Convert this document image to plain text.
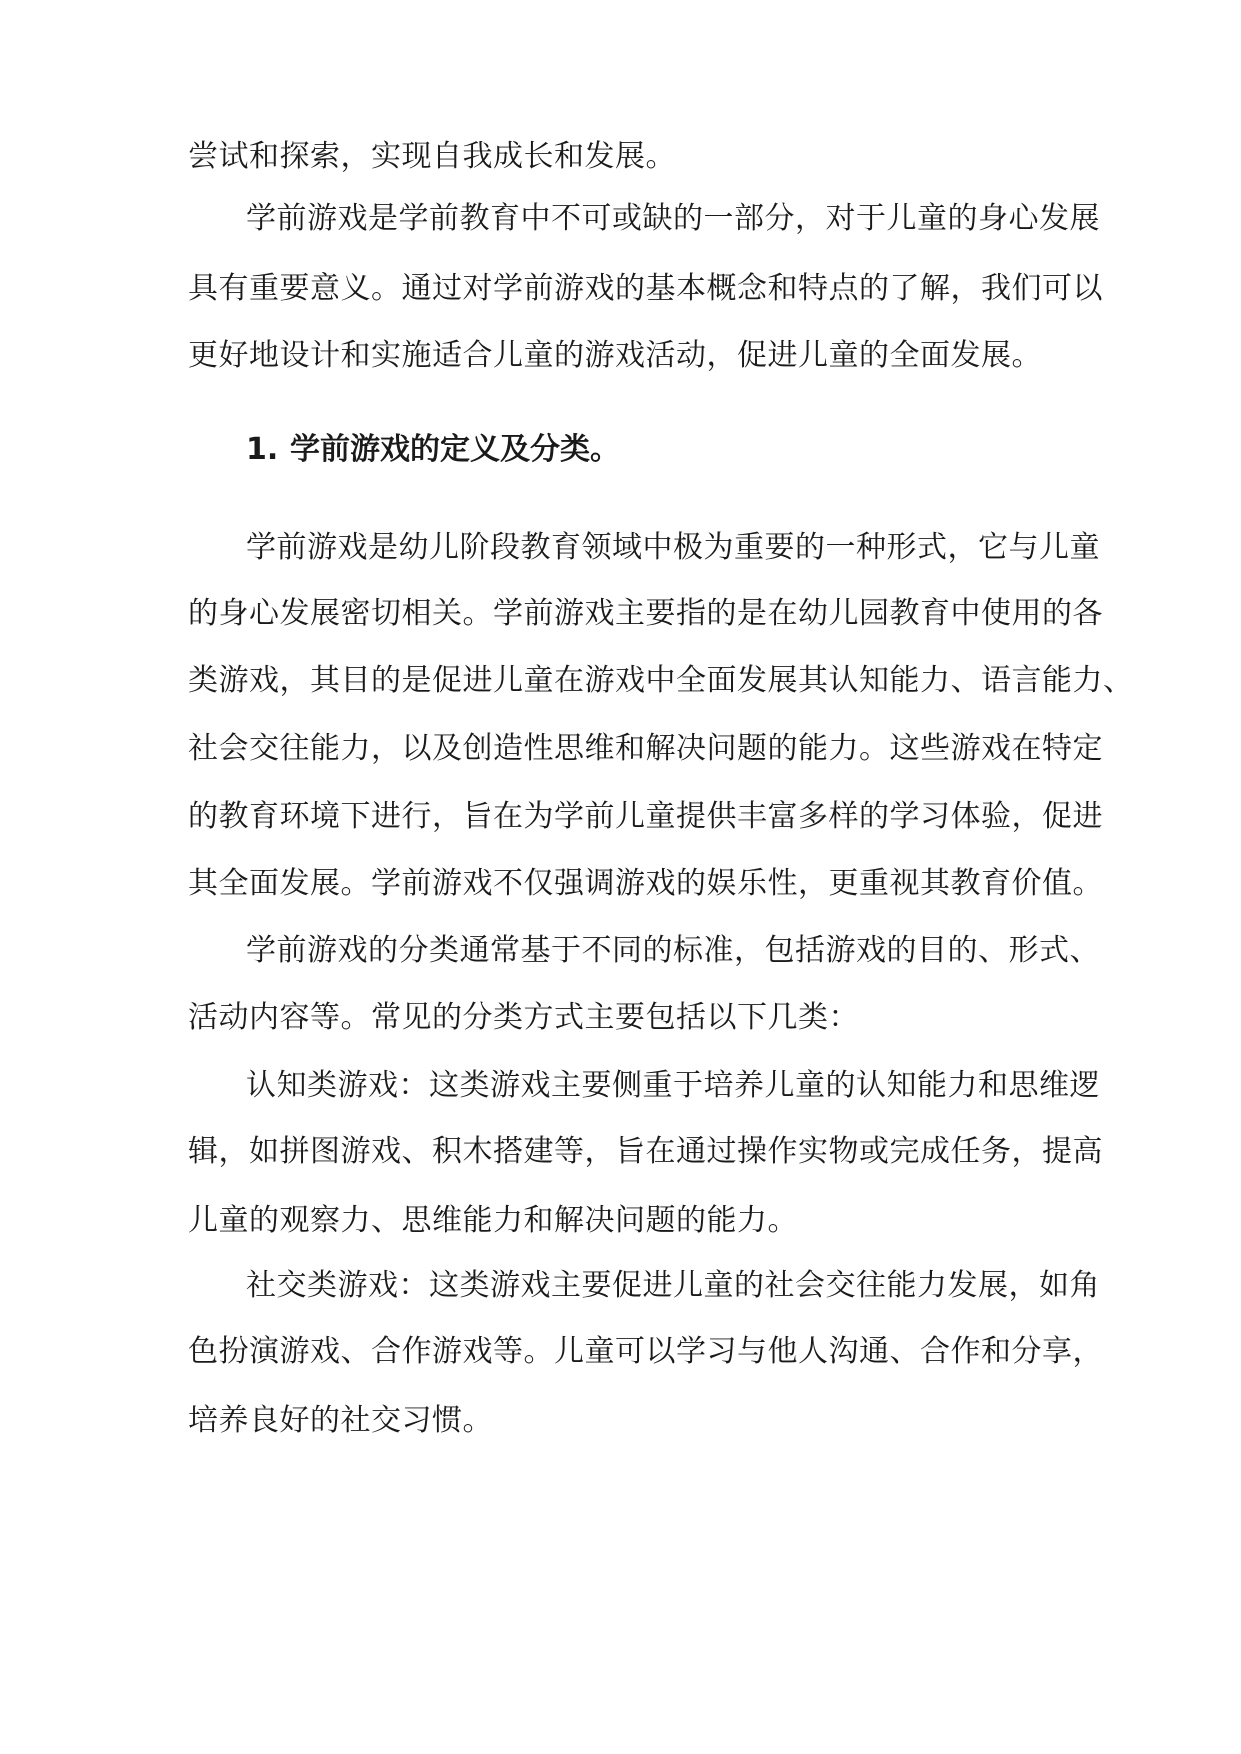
尝试和探索，实现自我成长和发展。
学前游戏是学前教育中不可或缺的一部分，对于儿童的身心发展
具有重要意义。通过对学前游戏的基本概念和特点的了解，我们可以
更好地设计和实施适合儿童的游戏活动，促进儿童的全面发展。
1. 学前游戏的定义及分类。
学前游戏是幼儿阶段教育领域中极为重要的一种形式，它与儿童
的身心发展密切相关。学前游戏主要指的是在幼儿园教育中使用的各
类游戏，其目的是促进儿童在游戏中全面发展其认知能力、语言能力、
社会交往能力，以及创造性思维和解决问题的能力。这些游戏在特定
的教育环境下进行，旨在为学前儿童提供丰富多样的学习体验，促进
其全面发展。学前游戏不仅强调游戏的娱乐性，更重视其教育价值。
学前游戏的分类通常基于不同的标准，包括游戏的目的、形式、
活动内容等。常见的分类方式主要包括以下几类：
认知类游戏：这类游戏主要侧重于培养儿童的认知能力和思维逻
辑，如拼图游戏、积木搭建等，旨在通过操作实物或完成任务，提高
儿童的观察力、思维能力和解决问题的能力。
社交类游戏：这类游戏主要促进儿童的社会交往能力发展，如角
色扮演游戏、合作游戏等。儿童可以学习与他人沟通、合作和分享，
培养良好的社交习惯。
